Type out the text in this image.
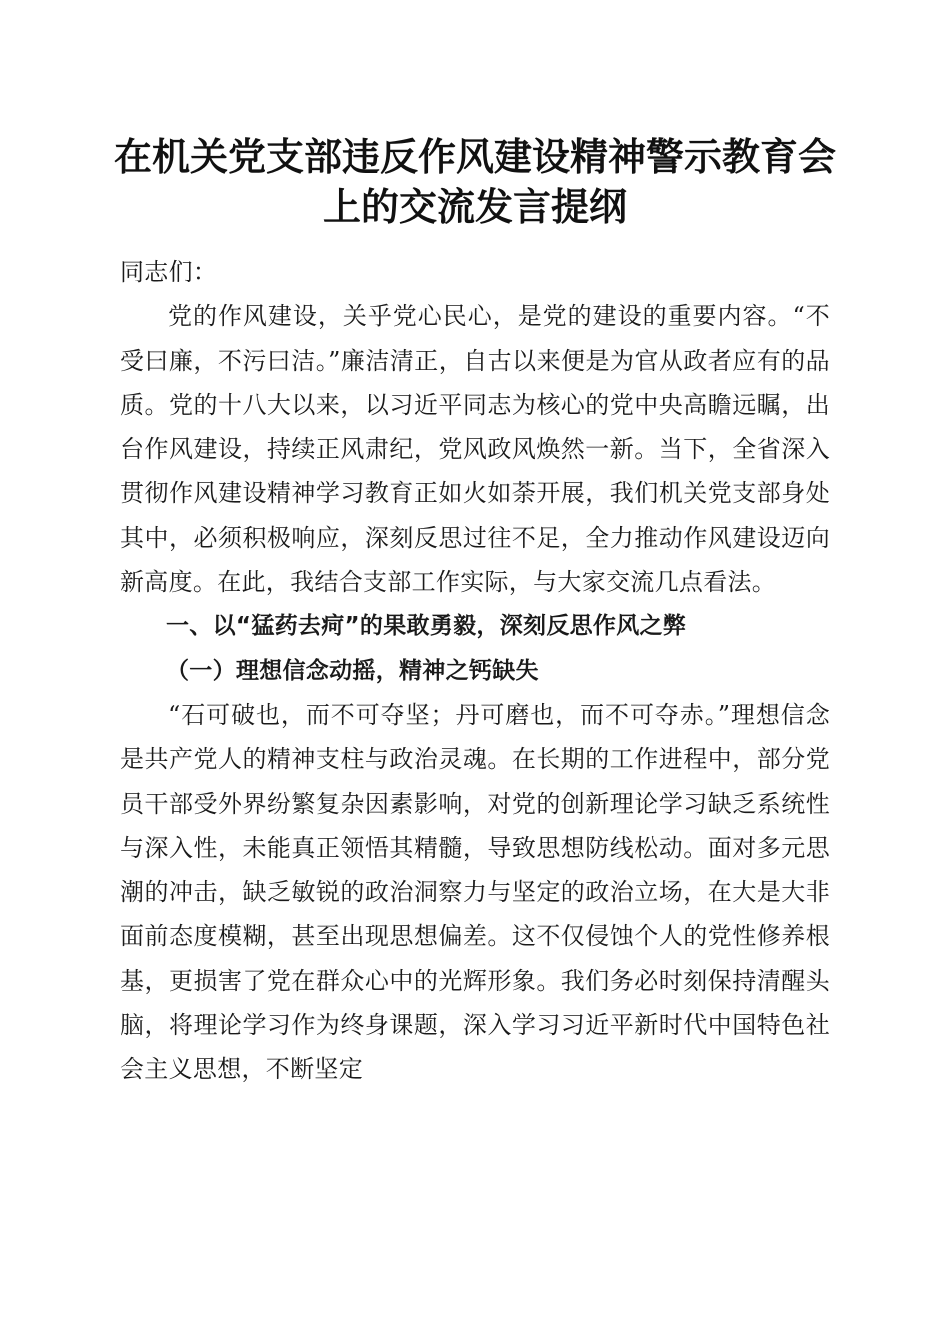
在机关党支部违反作风建设精神警示教育会上的交流发言提纲

同志们：

党的作风建设，关乎党心民心，是党的建设的重要内容。“不受曰廉，不污曰洁。”廉洁清正，自古以来便是为官从政者应有的品质。党的十八大以来，以习近平同志为核心的党中央高瞻远瞩，出台作风建设，持续正风肃纪，党风政风焕然一新。当下，全省深入贯彻作风建设精神学习教育正如火如荼开展，我们机关党支部身处其中，必须积极响应，深刻反思过往不足，全力推动作风建设迈向新高度。在此，我结合支部工作实际，与大家交流几点看法。

一、以“猛药去疴”的果敢勇毅，深刻反思作风之弊

（一）理想信念动摇，精神之钙缺失

“石可破也，而不可夺坚；丹可磨也，而不可夺赤。”理想信念是共产党人的精神支柱与政治灵魂。在长期的工作进程中，部分党员干部受外界纷繁复杂因素影响，对党的创新理论学习缺乏系统性与深入性，未能真正领悟其精髓，导致思想防线松动。面对多元思潮的冲击，缺乏敏锐的政治洞察力与坚定的政治立场，在大是大非面前态度模糊，甚至出现思想偏差。这不仅侵蚀个人的党性修养根基，更损害了党在群众心中的光辉形象。我们务必时刻保持清醒头脑，将理论学习作为终身课题，深入学习习近平新时代中国特色社会主义思想，不断坚定
